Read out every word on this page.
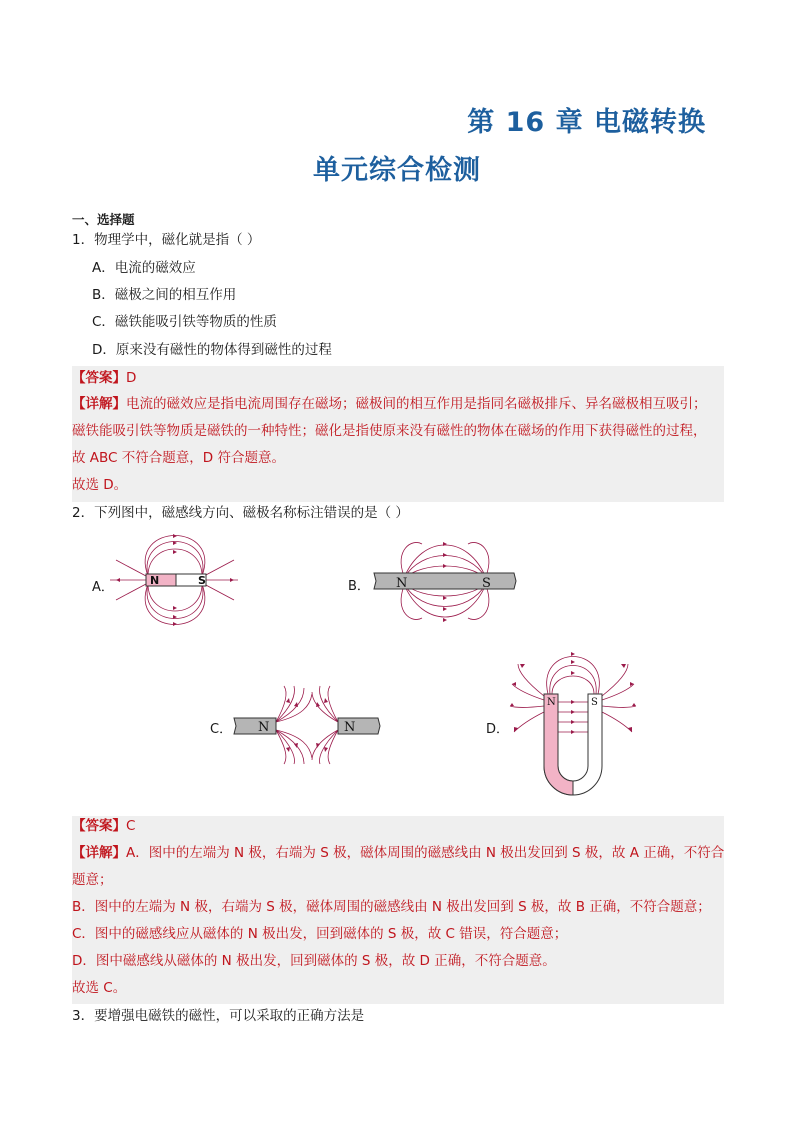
第 16 章 电磁转换
单元综合检测
一、选择题
1．物理学中，磁化就是指（ ）
A．电流的磁效应
B．磁极之间的相互作用
C．磁铁能吸引铁等物质的性质
D．原来没有磁性的物体得到磁性的过程
【答案】D
【详解】电流的磁效应是指电流周围存在磁场；磁极间的相互作用是指同名磁极排斥、异名磁极相互吸引；
磁铁能吸引铁等物质是磁铁的一种特性；磁化是指使原来没有磁性的物体在磁场的作用下获得磁性的过程，
故 ABC 不符合题意，D 符合题意。
故选 D。
2．下列图中，磁感线方向、磁极名称标注错误的是（ ）
A．	B．
C．	D．
N	S	N	S
N	N
N	S
【答案】C
【详解】A．图中的左端为 N 极，右端为 S 极，磁体周围的磁感线由 N 极出发回到 S 极，故 A 正确，不符合
题意；
B．图中的左端为 N 极，右端为 S 极，磁体周围的磁感线由 N 极出发回到 S 极，故 B 正确，不符合题意；
C．图中的磁感线应从磁体的 N 极出发，回到磁体的 S 极，故 C 错误，符合题意；
D．图中磁感线从磁体的 N 极出发，回到磁体的 S 极，故 D 正确，不符合题意。
故选 C。
3．要增强电磁铁的磁性，可以采取的正确方法是
